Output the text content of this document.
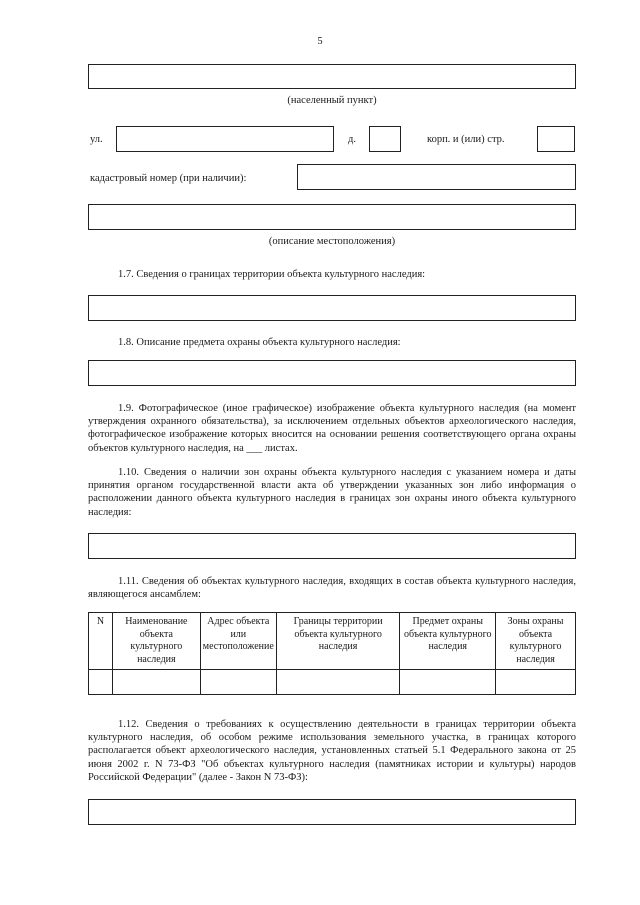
5
(населенный пункт)
ул.	д.	корп. и (или) стр.
кадастровый номер (при наличии):
(описание местоположения)
1.7. Сведения о границах территории объекта культурного наследия:
1.8. Описание предмета охраны объекта культурного наследия:
1.9. Фотографическое (иное графическое) изображение объекта культурного наследия (на момент утверждения охранного обязательства), за исключением отдельных объектов археологического наследия, фотографическое изображение которых вносится на основании решения соответствующего органа охраны объектов культурного наследия, на ___ листах.
1.10. Сведения о наличии зон охраны объекта культурного наследия с указанием номера и даты принятия органом государственной власти акта об утверждении указанных зон либо информация о расположении данного объекта культурного наследия в границах зон охраны иного объекта культурного наследия:
1.11. Сведения об объектах культурного наследия, входящих в состав объекта культурного наследия, являющегося ансамблем:
N	Наименование объекта культурного наследия	Адрес объекта или местоположение	Границы территории объекта культурного наследия	Предмет охраны объекта культурного наследия	Зоны охраны объекта культурного наследия

1.12. Сведения о требованиях к осуществлению деятельности в границах территории объекта культурного наследия, об особом режиме использования земельного участка, в границах которого располагается объект археологического наследия, установленных статьей 5.1 Федерального закона от 25 июня 2002 г. N 73-ФЗ "Об объектах культурного наследия (памятниках истории и культуры) народов Российской Федерации" (далее - Закон N 73-ФЗ):
